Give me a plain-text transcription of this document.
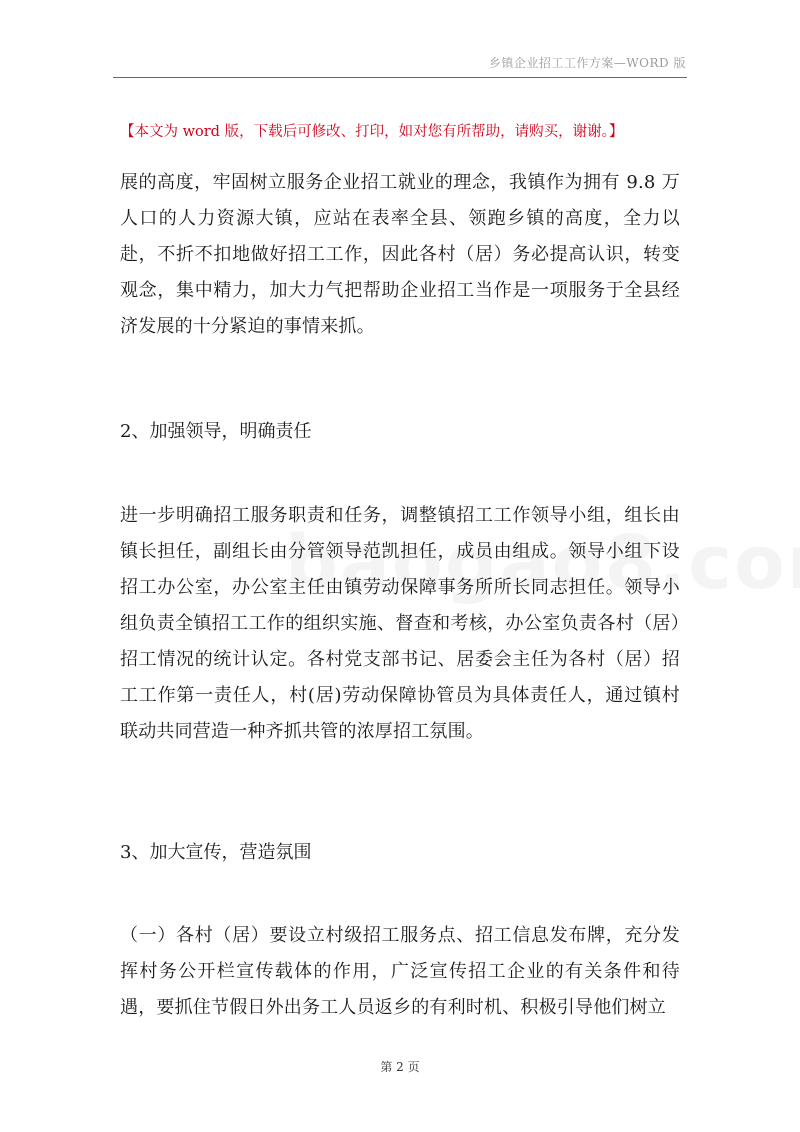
乡镇企业招工工作方案—WORD 版
【本文为 word 版，下载后可修改、打印，如对您有所帮助，请购买，谢谢。】

展的高度，牢固树立服务企业招工就业的理念，我镇作为拥有 9.8 万人口的人力资源大镇，应站在表率全县、领跑乡镇的高度，全力以赴，不折不扣地做好招工工作，因此各村（居）务必提高认识，转变观念，集中精力，加大力气把帮助企业招工当作是一项服务于全县经济发展的十分紧迫的事情来抓。

2、加强领导，明确责任

进一步明确招工服务职责和任务，调整镇招工工作领导小组，组长由镇长担任，副组长由分管领导范凯担任，成员由组成。领导小组下设招工办公室，办公室主任由镇劳动保障事务所所长同志担任。领导小组负责全镇招工工作的组织实施、督查和考核，办公室负责各村（居）招工情况的统计认定。各村党支部书记、居委会主任为各村（居）招工工作第一责任人，村(居)劳动保障协管员为具体责任人，通过镇村联动共同营造一种齐抓共管的浓厚招工氛围。

3、加大宣传，营造氛围

（一）各村（居）要设立村级招工服务点、招工信息发布牌，充分发挥村务公开栏宣传载体的作用，广泛宣传招工企业的有关条件和待遇，要抓住节假日外出务工人员返乡的有利时机、积极引导他们树立

第 2 页
